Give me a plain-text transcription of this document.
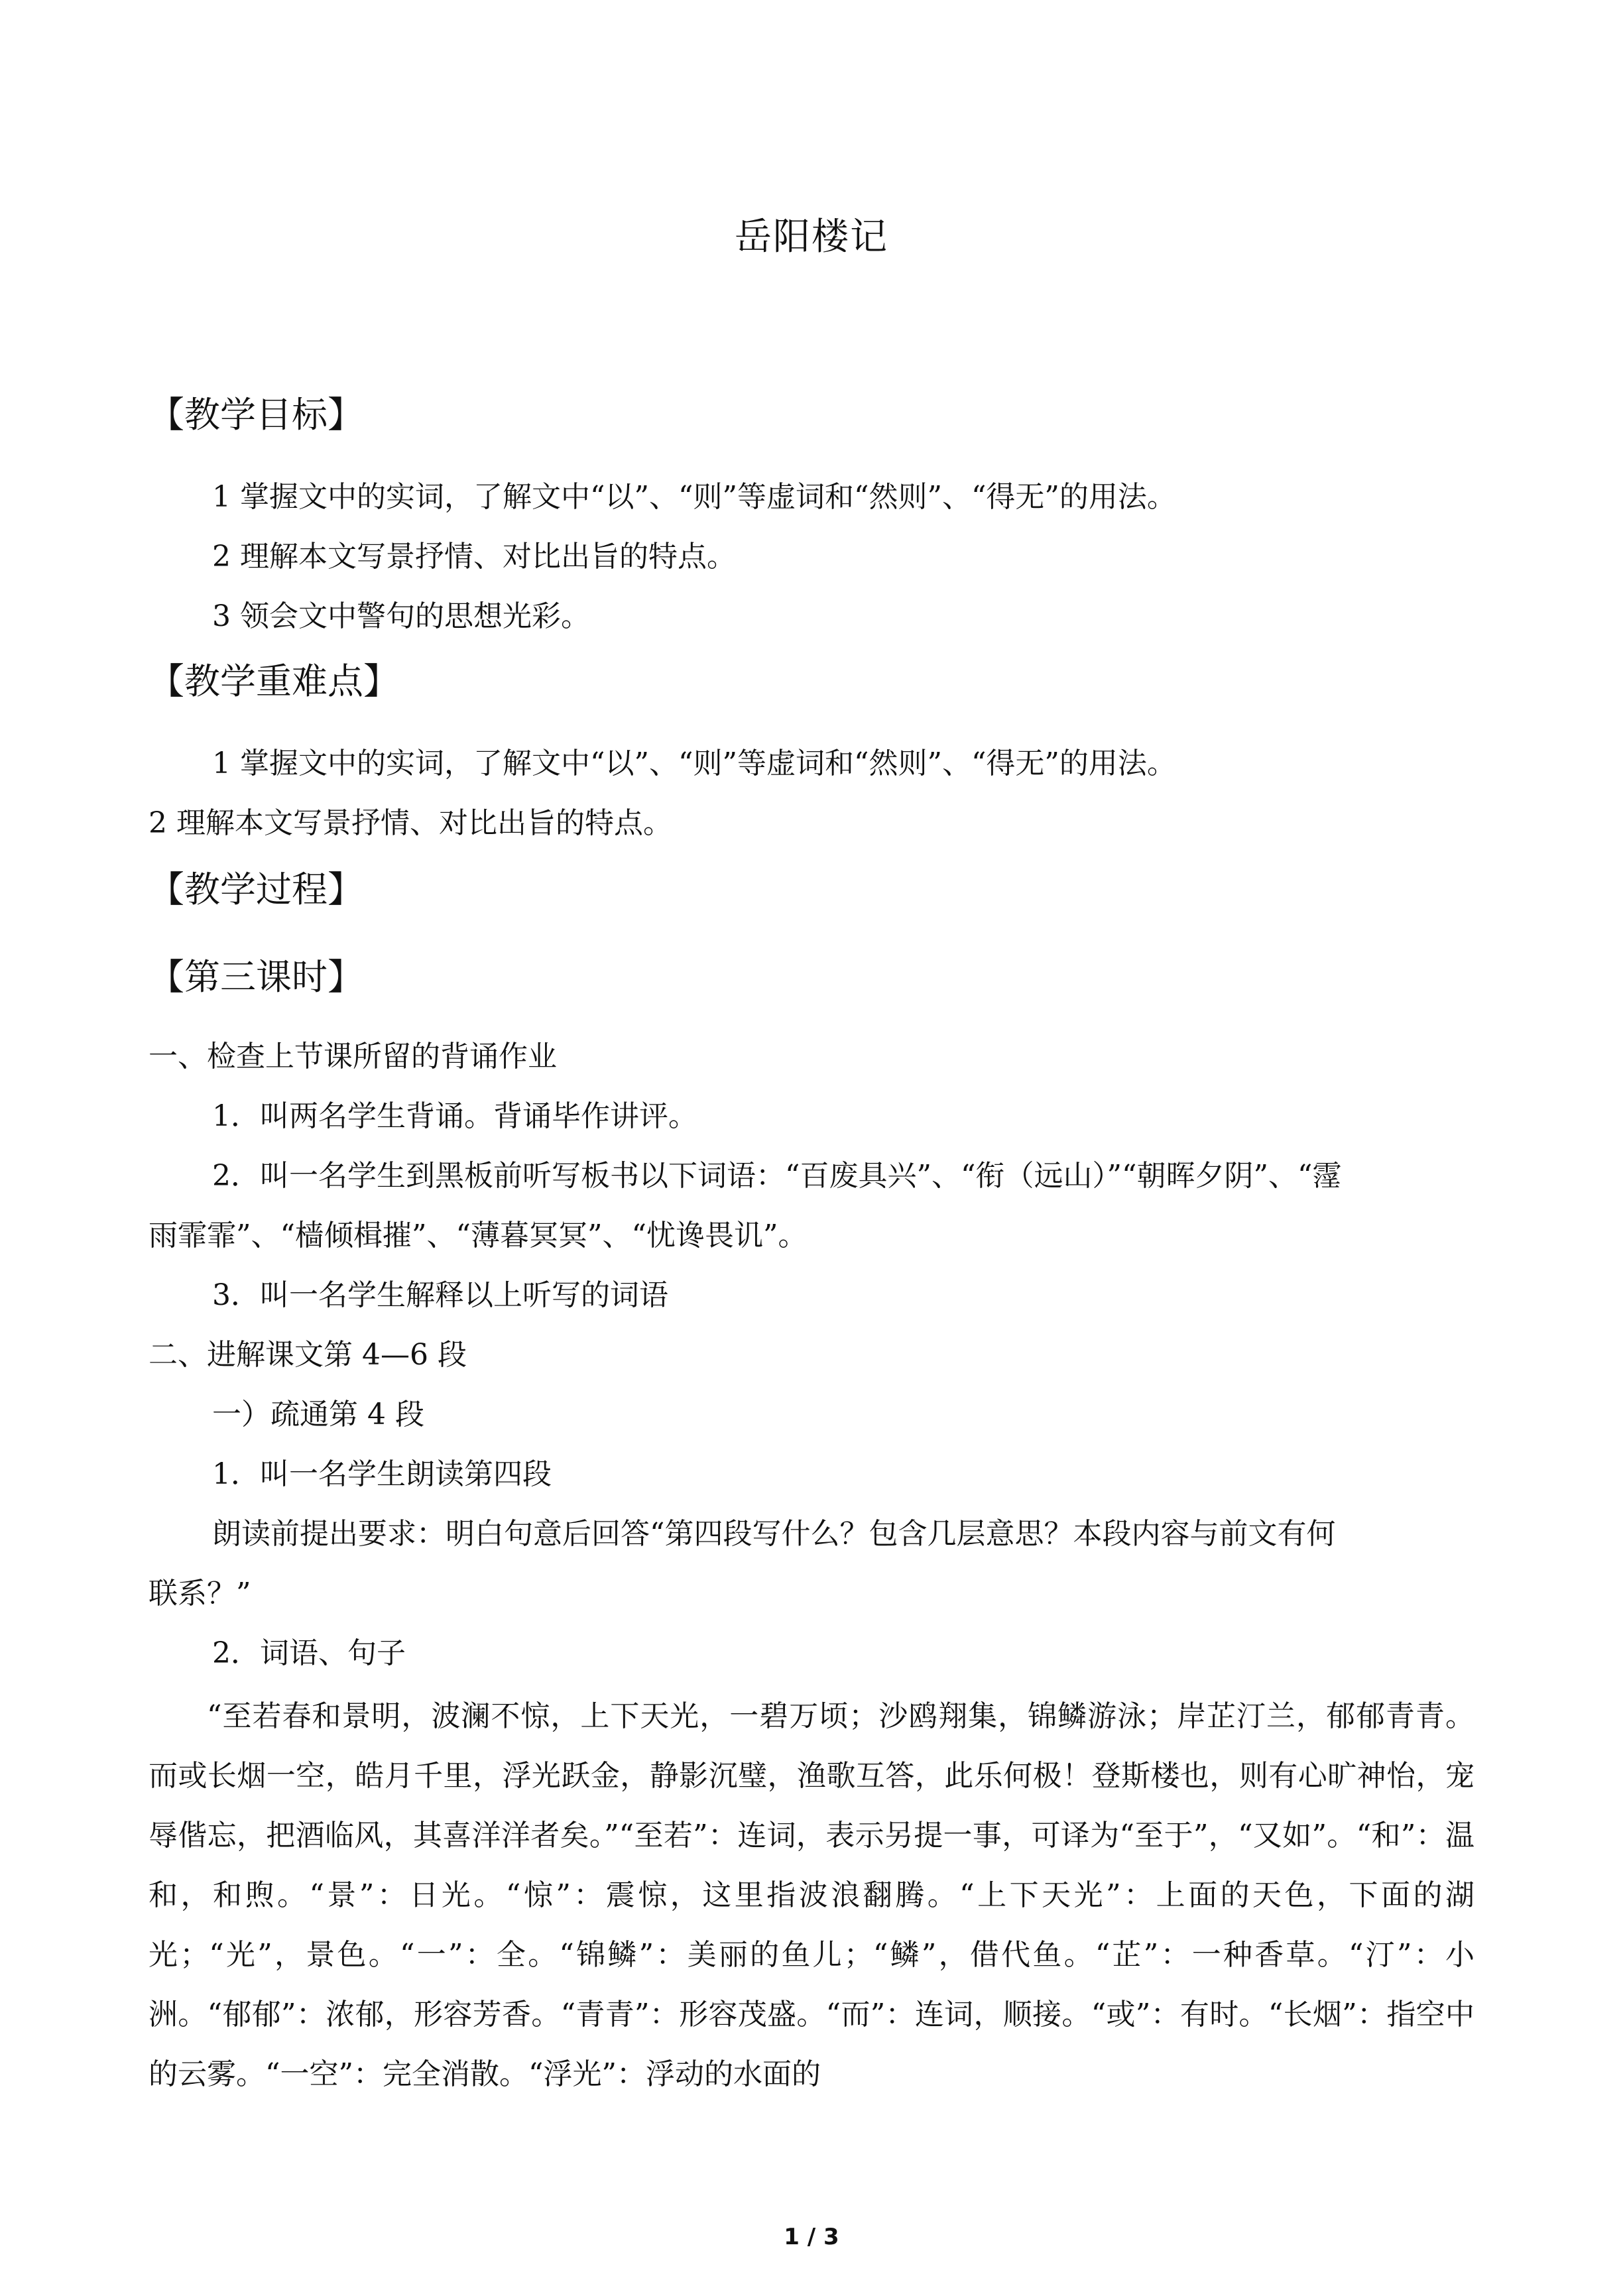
岳阳楼记
【教学目标】
1 掌握文中的实词，了解文中“以”、“则”等虚词和“然则”、“得无”的用法。
2 理解本文写景抒情、对比出旨的特点。
3 领会文中警句的思想光彩。
【教学重难点】
1 掌握文中的实词，了解文中“以”、“则”等虚词和“然则”、“得无”的用法。
2 理解本文写景抒情、对比出旨的特点。
【教学过程】
【第三课时】
一、检查上节课所留的背诵作业
1．叫两名学生背诵。背诵毕作讲评。
2．叫一名学生到黑板前听写板书以下词语：“百废具兴”、“衔（远山）”“朝晖夕阴”、“霪
雨霏霏”、“樯倾楫摧”、“薄暮冥冥”、“忧谗畏讥”。
3．叫一名学生解释以上听写的词语
二、进解课文第 4—6 段
一）疏通第 4 段
1．叫一名学生朗读第四段
朗读前提出要求：明白句意后回答“第四段写什么？包含几层意思？本段内容与前文有何
联系？”
2．词语、句子
“至若春和景明，波澜不惊，上下天光，一碧万顷；沙鸥翔集，锦鳞游泳；岸芷汀兰，郁郁青青。而或长烟一空，皓月千里，浮光跃金，静影沉璧，渔歌互答，此乐何极！登斯楼也，则有心旷神怡，宠辱偕忘，把酒临风，其喜洋洋者矣。”“至若”：连词，表示另提一事，可译为“至于”，“又如”。“和”：温和，和煦。“景”：日光。“惊”：震惊，这里指波浪翻腾。“上下天光”：上面的天色，下面的湖光；“光”，景色。“一”：全。“锦鳞”：美丽的鱼儿；“鳞”，借代鱼。“芷”：一种香草。“汀”：小洲。“郁郁”：浓郁，形容芳香。“青青”：形容茂盛。“而”：连词，顺接。“或”：有时。“长烟”：指空中的云雾。“一空”：完全消散。“浮光”：浮动的水面的
1 / 3
